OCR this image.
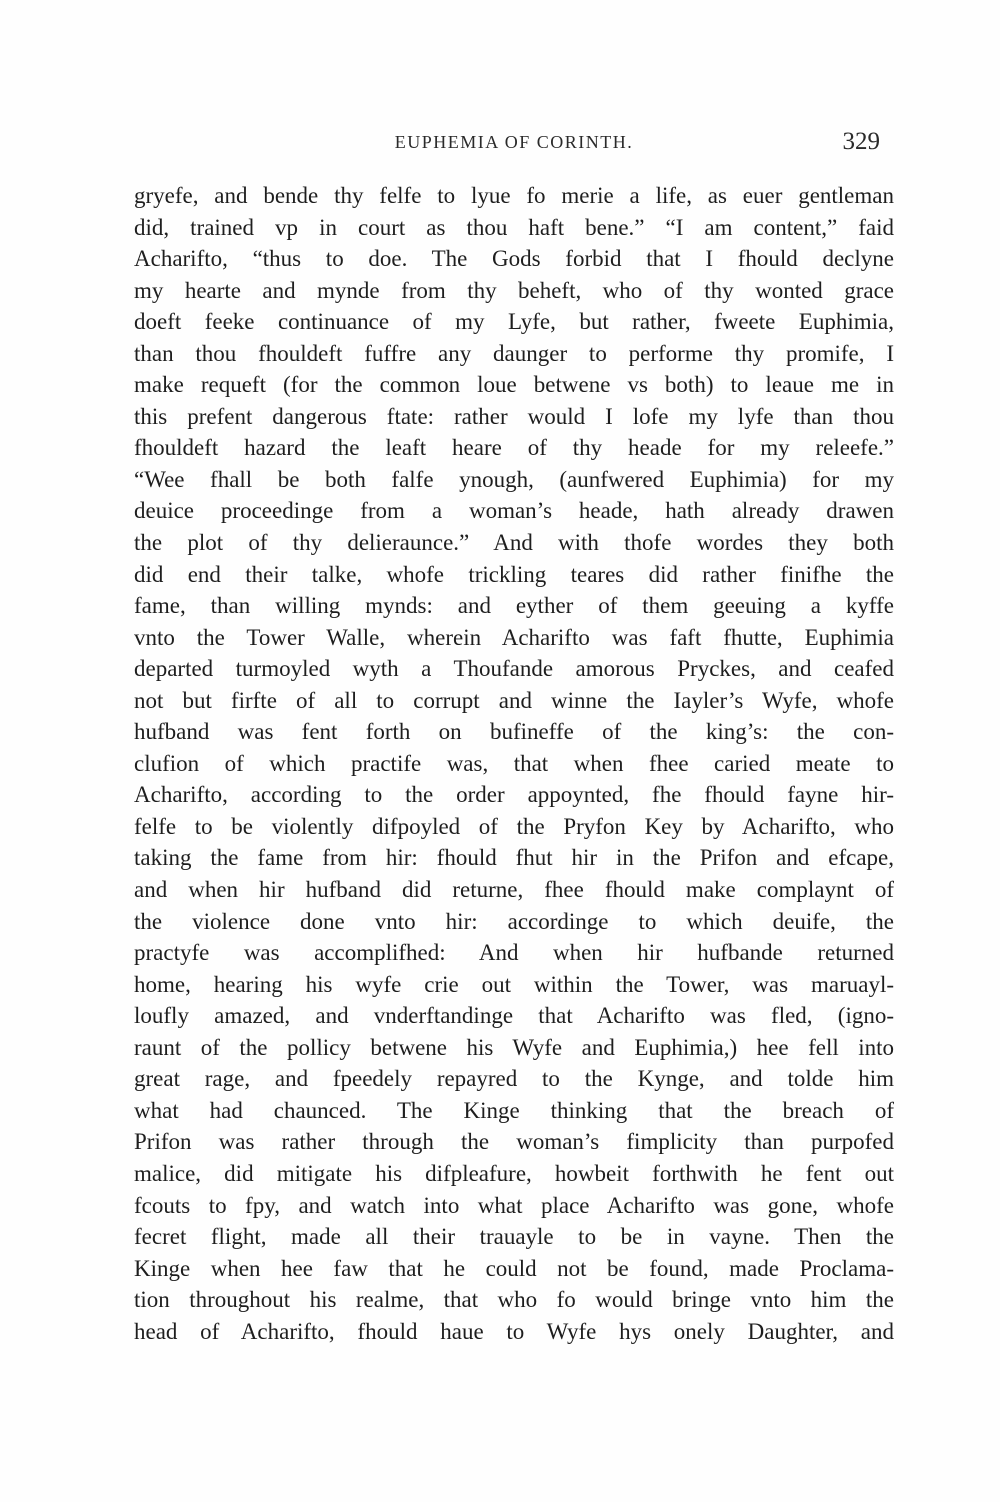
EUPHEMIA OF CORINTH.	329
gryefe, and bende thy felfe to lyue fo merie a life, as euer gentleman
did, trained vp in court as thou haft bene.” “I am content,” faid
Acharifto, “thus to doe. The Gods forbid that I fhould declyne
my hearte and mynde from thy beheft, who of thy wonted grace
doeft feeke continuance of my Lyfe, but rather, fweete Euphimia,
than thou fhouldeft fuffre any daunger to performe thy promife, I
make requeft (for the common loue betwene vs both) to leaue me in
this prefent dangerous ftate: rather would I lofe my lyfe than thou
fhouldeft hazard the leaft heare of thy heade for my releefe.”
“Wee fhall be both falfe ynough, (aunfwered Euphimia) for my
deuice proceedinge from a woman’s heade, hath already drawen
the plot of thy delieraunce.” And with thofe wordes they both
did end their talke, whofe trickling teares did rather finifhe the
fame, than willing mynds: and eyther of them geeuing a kyffe
vnto the Tower Walle, wherein Acharifto was faft fhutte, Euphimia
departed turmoyled wyth a Thoufande amorous Pryckes, and ceafed
not but firfte of all to corrupt and winne the Iayler’s Wyfe, whofe
hufband was fent forth on bufineffe of the king’s: the con-
clufion of which practife was, that when fhee caried meate to
Acharifto, according to the order appoynted, fhe fhould fayne hir-
felfe to be violently difpoyled of the Pryfon Key by Acharifto, who
taking the fame from hir: fhould fhut hir in the Prifon and efcape,
and when hir hufband did returne, fhee fhould make complaynt of
the violence done vnto hir: accordinge to which deuife, the
practyfe was accomplifhed: And when hir hufbande returned
home, hearing his wyfe crie out within the Tower, was maruayl-
loufly amazed, and vnderftandinge that Acharifto was fled, (igno-
raunt of the pollicy betwene his Wyfe and Euphimia,) hee fell into
great rage, and fpeedely repayred to the Kynge, and tolde him
what had chaunced. The Kinge thinking that the breach of
Prifon was rather through the woman’s fimplicity than purpofed
malice, did mitigate his difpleafure, howbeit forthwith he fent out
fcouts to fpy, and watch into what place Acharifto was gone, whofe
fecret flight, made all their trauayle to be in vayne. Then the
Kinge when hee faw that he could not be found, made Proclama-
tion throughout his realme, that who fo would bringe vnto him the
head of Acharifto, fhould haue to Wyfe hys onely Daughter, and
